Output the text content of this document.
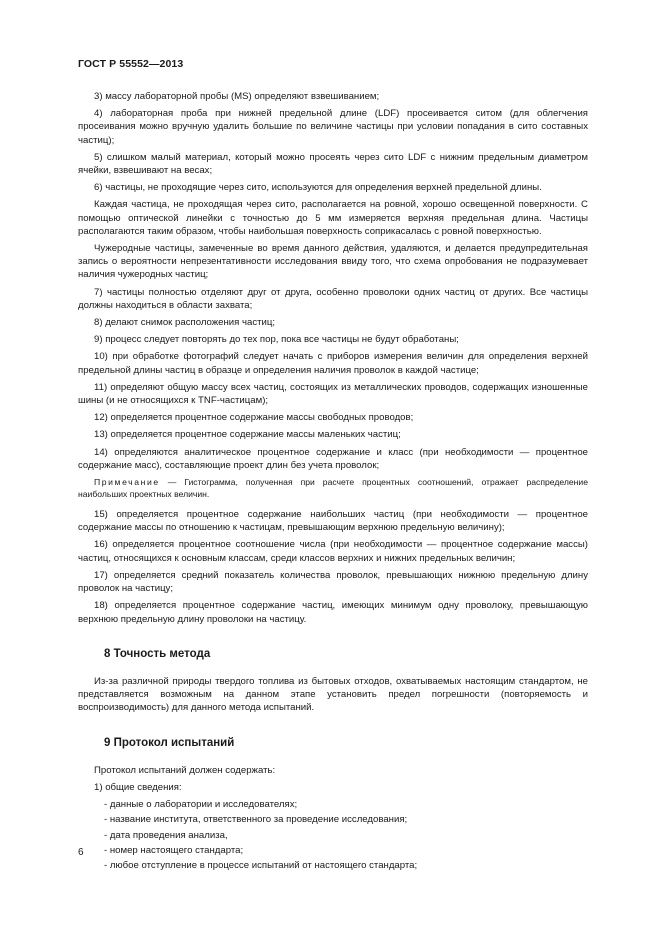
ГОСТ Р 55552—2013

3) массу лабораторной пробы (MS) определяют взвешиванием;

4) лабораторная проба при нижней предельной длине (LDF) просеивается ситом (для облегчения просеивания можно вручную удалить большие по величине частицы при условии попадания в сито составных частиц);

5) слишком малый материал, который можно просеять через сито LDF с нижним предельным диаметром ячейки, взвешивают на весах;

6) частицы, не проходящие через сито, используются для определения верхней предельной длины.

Каждая частица, не проходящая через сито, располагается на ровной, хорошо освещенной поверхности. С помощью оптической линейки с точностью до 5 мм измеряется верхняя предельная длина. Частицы располагаются таким образом, чтобы наибольшая поверхность соприкасалась с ровной поверхностью.

Чужеродные частицы, замеченные во время данного действия, удаляются, и делается предупредительная запись о вероятности непрезентативности исследования ввиду того, что схема опробования не подразумевает наличия чужеродных частиц;

7) частицы полностью отделяют друг от друга, особенно проволоки одних частиц от других. Все частицы должны находиться в области захвата;

8) делают снимок расположения частиц;

9) процесс следует повторять до тех пор, пока все частицы не будут обработаны;

10) при обработке фотографий следует начать с приборов измерения величин для определения верхней предельной длины частиц в образце и определения наличия проволок в каждой частице;

11) определяют общую массу всех частиц, состоящих из металлических проводов, содержащих изношенные шины (и не относящихся к TNF-частицам);

12) определяется процентное содержание массы свободных проводов;

13) определяется процентное содержание массы маленьких частиц;

14) определяются аналитическое процентное содержание и класс (при необходимости — процентное содержание масс), составляющие проект длин без учета проволок;

Примечание — Гистограмма, полученная при расчете процентных соотношений, отражает распределение наибольших проектных величин.

15) определяется процентное содержание наибольших частиц (при необходимости — процентное содержание массы по отношению к частицам, превышающим верхнюю предельную величину);

16) определяется процентное соотношение числа (при необходимости — процентное содержание массы) частиц, относящихся к основным классам, среди классов верхних и нижних предельных величин;

17) определяется средний показатель количества проволок, превышающих нижнюю предельную длину проволок на частицу;

18) определяется процентное содержание частиц, имеющих минимум одну проволоку, превышающую верхнюю предельную длину проволоки на частицу.

8 Точность метода

Из-за различной природы твердого топлива из бытовых отходов, охватываемых настоящим стандартом, не представляется возможным на данном этапе установить предел погрешности (повторяемость и воспроизводимость) для данного метода испытаний.

9 Протокол испытаний

Протокол испытаний должен содержать:

1) общие сведения:

- данные о лаборатории и исследователях;
- название института, ответственного за проведение исследования;
- дата проведения анализа,
- номер настоящего стандарта;
- любое отступление в процессе испытаний от настоящего стандарта;
6
